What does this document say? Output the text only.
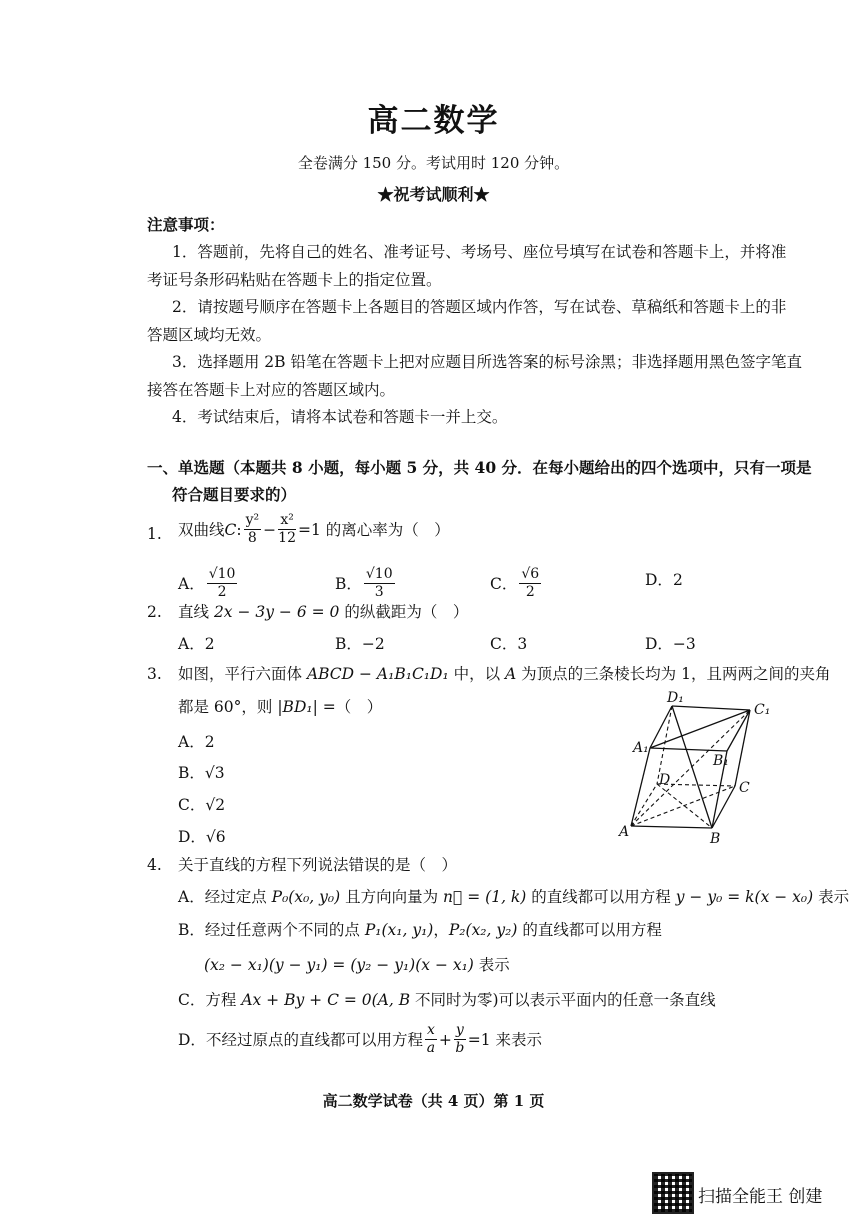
高二数学
全卷满分 150 分。考试用时 120 分钟。
★祝考试顺利★
注意事项：
1．答题前，先将自己的姓名、准考证号、考场号、座位号填写在试卷和答题卡上，并将准
考证号条形码粘贴在答题卡上的指定位置。
2．请按题号顺序在答题卡上各题目的答题区域内作答，写在试卷、草稿纸和答题卡上的非
答题区域均无效。
3．选择题用 2B 铅笔在答题卡上把对应题目所选答案的标号涂黑；非选择题用黑色签字笔直
接答在答题卡上对应的答题区域内。
4．考试结束后，请将本试卷和答题卡一并上交。
一、单选题（本题共 8 小题，每小题 5 分，共 40 分．在每小题给出的四个选项中，只有一项是
符合题目要求的）
1. 双曲线 C : $\frac{\text{y²}}{8} - \frac{\text{x²}}{12} =1$ 的离心率为（　）
A． $\frac{√10}{2}$	B． $\frac{√10}{3}$	C． $\frac{√6}{2}$	D．2
2. 直线 2x − 3y − 6 = 0 的纵截距为（　）
A．2	B．−2	C．3	D．−3
3. 如图，平行六面体 ABCD − A₁B₁C₁D₁ 中，以 A 为顶点的三条棱长均为 1，且两两之间的夹角
都是 60°，则 |BD₁| =（　）
A．2
B．√3
C．√2
D．√6
D₁
C₁
A₁
B₁
D	C
A	B
4. 关于直线的方程下列说法错误的是（　）
A．经过定点 P₀(x₀, y₀) 且方向向量为 n⃗ = (1, k) 的直线都可以用方程 y − y₀ = k(x − x₀) 表示
B．经过任意两个不同的点 P₁(x₁, y₁)，P₂(x₂, y₂) 的直线都可以用方程
(x₂ − x₁)(y − y₁) = (y₂ − y₁)(x − x₁) 表示
C．方程 Ax + By + C = 0(A, B 不同时为零)可以表示平面内的任意一条直线
D． 不经过原点的直线都可以用方程 $\frac{x}{a} + \frac{y}{b} =1$ 来表示
高二数学试卷（共 4 页）第 1 页
扫描全能王 创建
